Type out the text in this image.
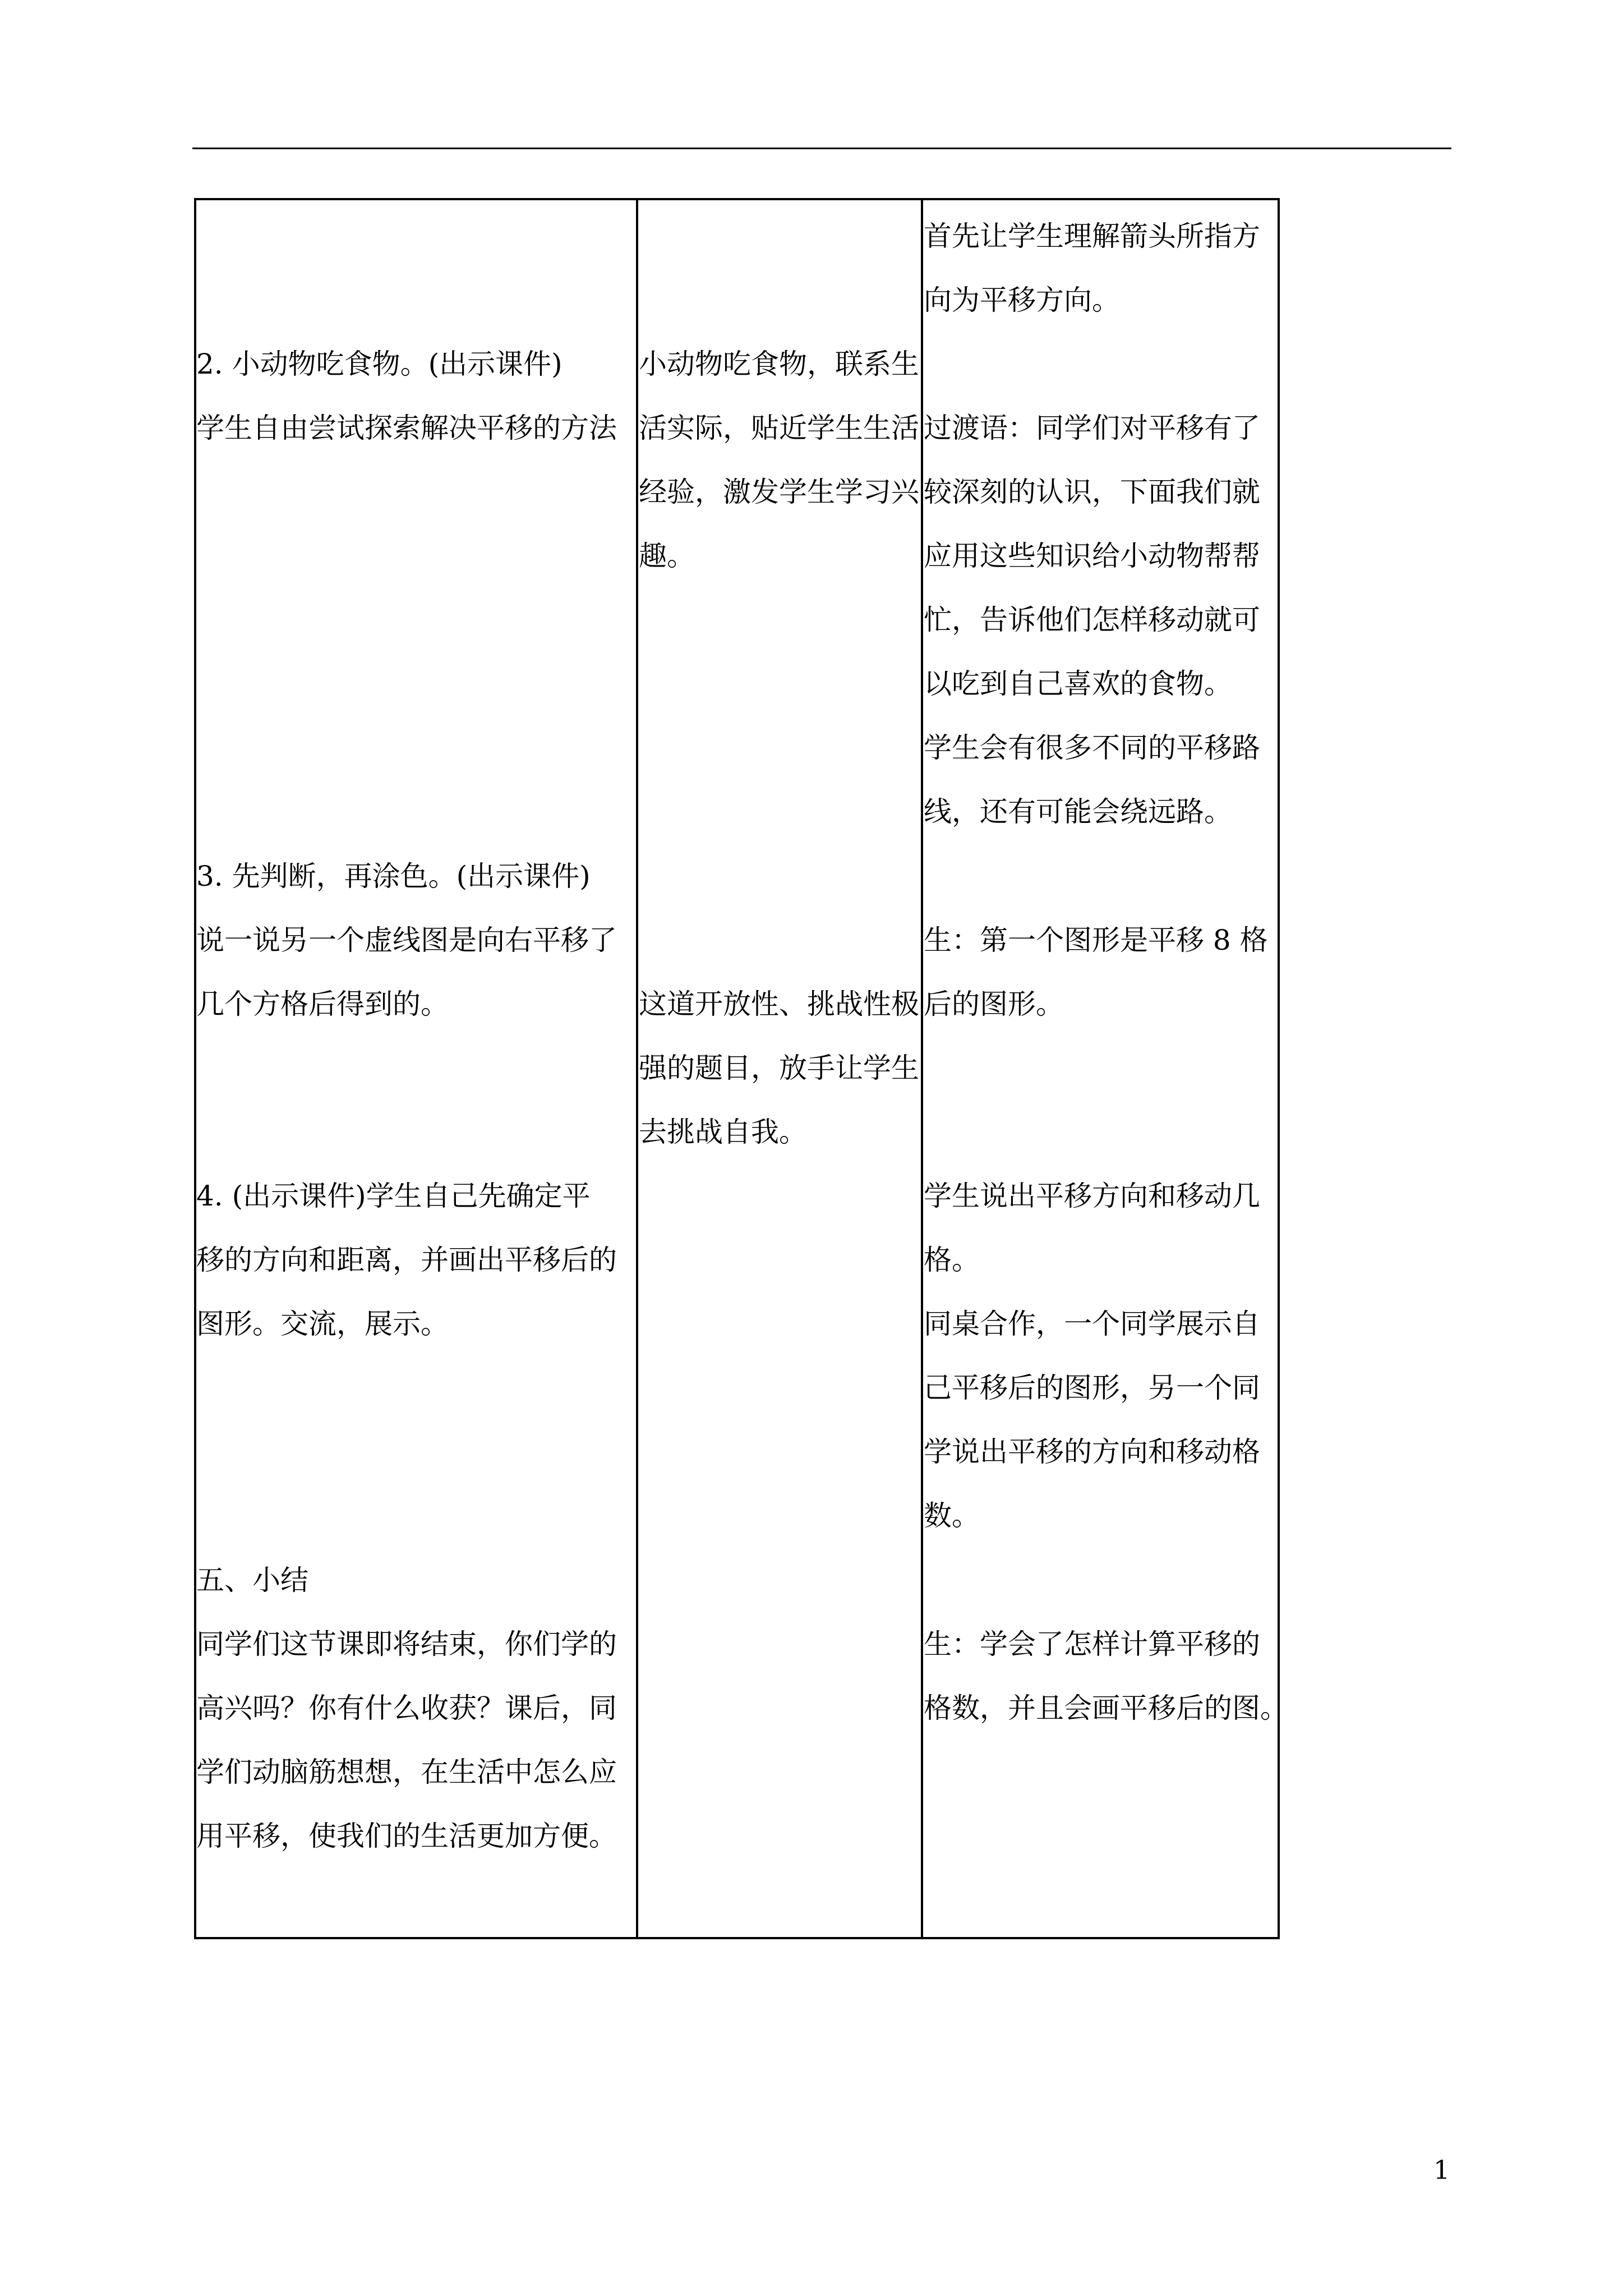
2. 小动物吃食物。(出示课件)
学生自由尝试探索解决平移的方法
3. 先判断，再涂色。(出示课件)
说一说另一个虚线图是向右平移了
几个方格后得到的。
4. (出示课件)学生自己先确定平
移的方向和距离，并画出平移后的
图形。交流，展示。
五、小结
同学们这节课即将结束，你们学的
高兴吗？你有什么收获？课后，同
学们动脑筋想想，在生活中怎么应
用平移，使我们的生活更加方便。
小动物吃食物，联系生
活实际，贴近学生生活
经验，激发学生学习兴
趣。
这道开放性、挑战性极
强的题目，放手让学生
去挑战自我。
首先让学生理解箭头所指方
向为平移方向。
过渡语：同学们对平移有了
较深刻的认识，下面我们就
应用这些知识给小动物帮帮
忙，告诉他们怎样移动就可
以吃到自己喜欢的食物。
学生会有很多不同的平移路
线，还有可能会绕远路。
生：第一个图形是平移 8 格
后的图形。
学生说出平移方向和移动几
格。
同桌合作，一个同学展示自
己平移后的图形，另一个同
学说出平移的方向和移动格
数。
生：学会了怎样计算平移的
格数，并且会画平移后的图。
1
